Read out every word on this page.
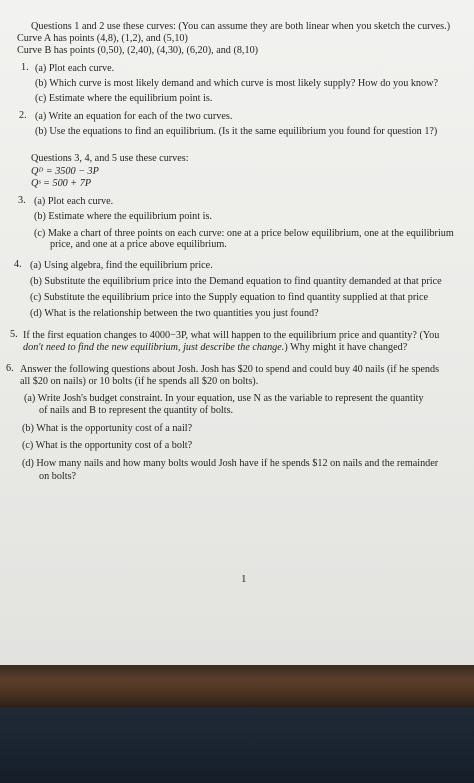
Questions 1 and 2 use these curves: (You can assume they are both linear when you sketch the curves.)
Curve A has points (4,8), (1,2), and (5,10)
Curve B has points (0,50), (2,40), (4,30), (6,20), and (8,10)
1. (a) Plot each curve.
(b) Which curve is most likely demand and which curve is most likely supply? How do you know?
(c) Estimate where the equilibrium point is.
2. (a) Write an equation for each of the two curves.
(b) Use the equations to find an equilibrium. (Is it the same equilibrium you found for question 1?)
Questions 3, 4, and 5 use these curves:
Qᴰ = 3500 − 3P
Qˢ = 500 + 7P
3. (a) Plot each curve.
(b) Estimate where the equilibrium point is.
(c) Make a chart of three points on each curve: one at a price below equilibrium, one at the equilibrium
price, and one at a price above equilibrium.
4. (a) Using algebra, find the equilibrium price.
(b) Substitute the equilibrium price into the Demand equation to find quantity demanded at that price
(c) Substitute the equilibrium price into the Supply equation to find quantity supplied at that price
(d) What is the relationship between the two quantities you just found?
5. If the first equation changes to 4000−3P, what will happen to the equilibrium price and quantity? (You
don't need to find the new equilibrium, just describe the change.) Why might it have changed?
6. Answer the following questions about Josh. Josh has $20 to spend and could buy 40 nails (if he spends
all $20 on nails) or 10 bolts (if he spends all $20 on bolts).
(a) Write Josh's budget constraint. In your equation, use N as the variable to represent the quantity
of nails and B to represent the quantity of bolts.
(b) What is the opportunity cost of a nail?
(c) What is the opportunity cost of a bolt?
(d) How many nails and how many bolts would Josh have if he spends $12 on nails and the remainder
on bolts?
1
